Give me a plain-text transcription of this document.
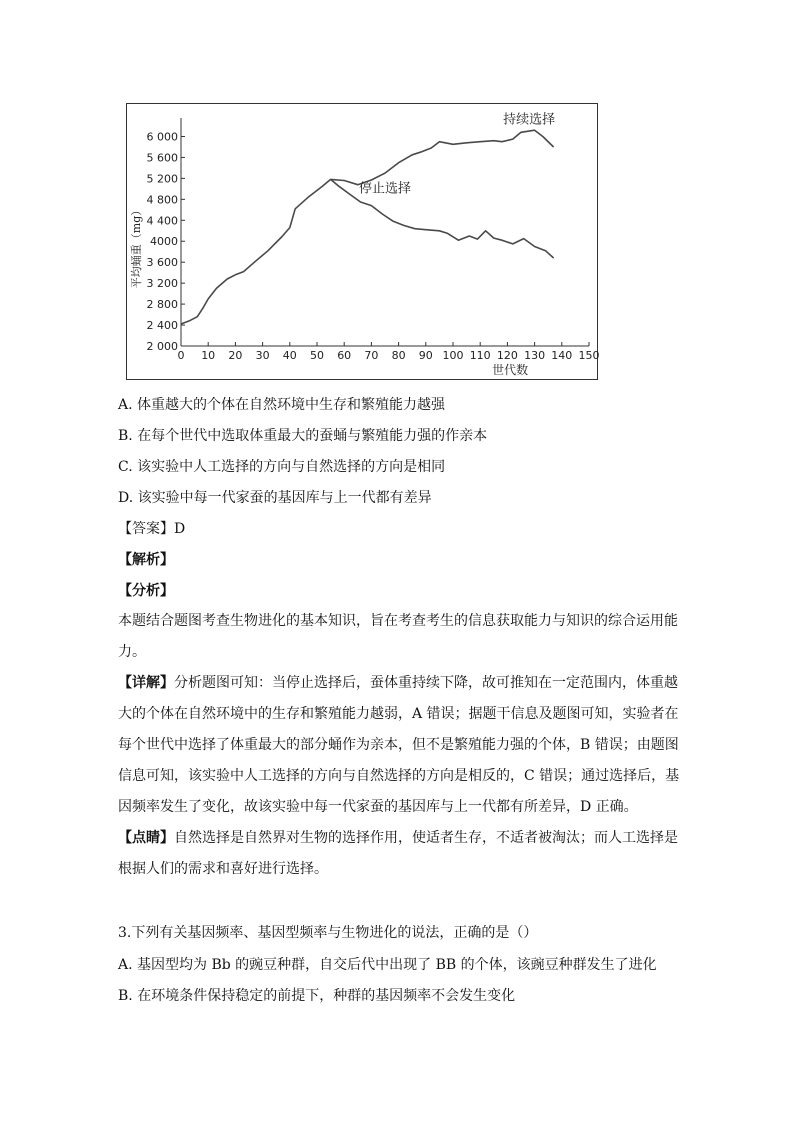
2 000
2 400
2 800
3 200
3 600
4000
4 400
4 800
5 200
5 600
6 000
0 10 20 30 40 50 60 70 80 90 100 110 120 130 140 150
世代数
平均蛹重（mg）
持续选择
停止选择
A. 体重越大的个体在自然环境中生存和繁殖能力越强
B. 在每个世代中选取体重最大的蚕蛹与繁殖能力强的作亲本
C. 该实验中人工选择的方向与自然选择的方向是相同
D. 该实验中每一代家蚕的基因库与上一代都有差异
【答案】D
【解析】
【分析】
本题结合题图考查生物进化的基本知识，旨在考查考生的信息获取能力与知识的综合运用能力。
【详解】分析题图可知：当停止选择后，蚕体重持续下降，故可推知在一定范围内，体重越大的个体在自然环境中的生存和繁殖能力越弱，A 错误；据题干信息及题图可知，实验者在每个世代中选择了体重最大的部分蛹作为亲本，但不是繁殖能力强的个体，B 错误；由题图信息可知，该实验中人工选择的方向与自然选择的方向是相反的，C 错误；通过选择后，基因频率发生了变化，故该实验中每一代家蚕的基因库与上一代都有所差异，D 正确。
【点睛】自然选择是自然界对生物的选择作用，使适者生存，不适者被淘汰；而人工选择是根据人们的需求和喜好进行选择。
3.下列有关基因频率、基因型频率与生物进化的说法，正确的是（）
A. 基因型均为 Bb 的豌豆种群，自交后代中出现了 BB 的个体，该豌豆种群发生了进化
B. 在环境条件保持稳定的前提下，种群的基因频率不会发生变化
